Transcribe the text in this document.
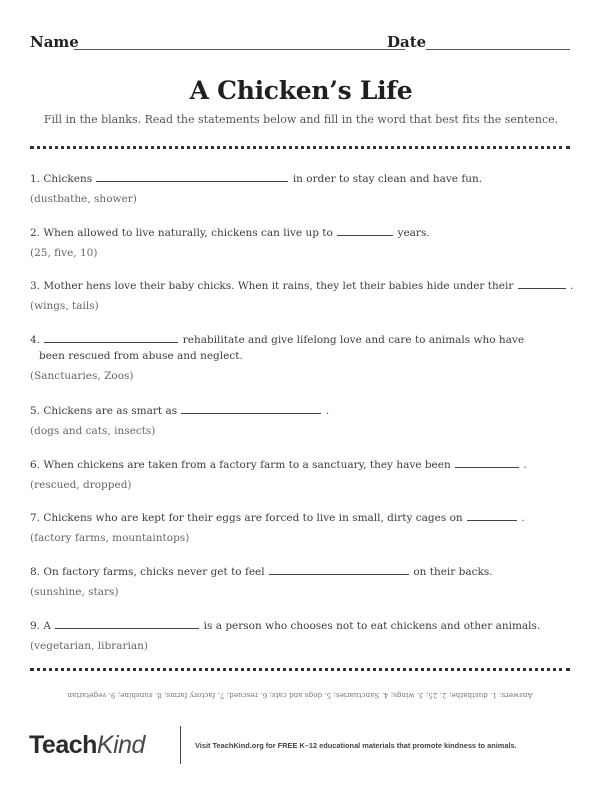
Name	Date
A Chicken’s Life
Fill in the blanks. Read the statements below and fill in the word that best fits the sentence.
1. Chickens	in order to stay clean and have fun.
(dustbathe, shower)
2. When allowed to live naturally, chickens can live up to	years.
(25, five, 10)
3. Mother hens love their baby chicks. When it rains, they let their babies hide under their	.
(wings, tails)
4.	rehabilitate and give lifelong love and care to animals who have
been rescued from abuse and neglect.
(Sanctuaries, Zoos)
5. Chickens are as smart as	.
(dogs and cats, insects)
6. When chickens are taken from a factory farm to a sanctuary, they have been	.
(rescued, dropped)
7. Chickens who are kept for their eggs are forced to live in small, dirty cages on	.
(factory farms, mountaintops)
8. On factory farms, chicks never get to feel	on their backs.
(sunshine, stars)
9. A	is a person who chooses not to eat chickens and other animals.
(vegetarian, librarian)
Answers: 1. dustbathe; 2. 25; 3. wings; 4. Sanctuaries; 5. dogs and cats; 6. rescued; 7. factory farms; 8. sunshine; 9. vegetarian
TeachKind	Visit TeachKind.org for FREE K–12 educational materials that promote kindness to animals.
